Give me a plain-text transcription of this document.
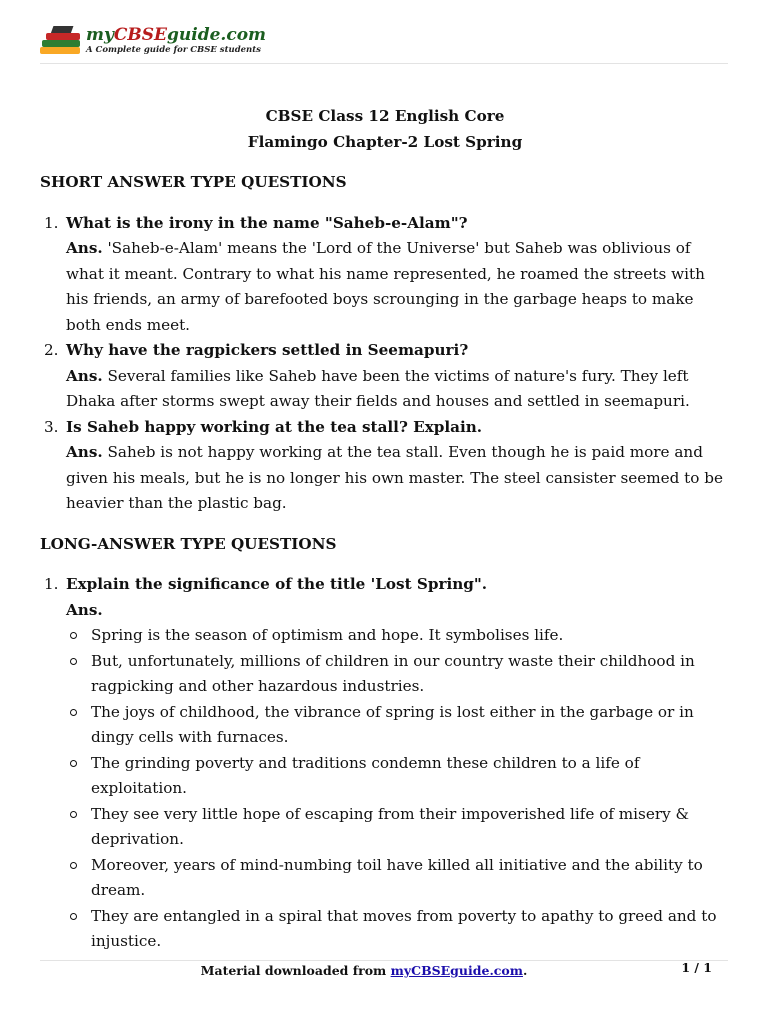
myCBSEguide.com
A Complete guide for CBSE students
CBSE Class 12 English Core
Flamingo Chapter-2 Lost Spring
SHORT ANSWER TYPE QUESTIONS
1. What is the irony in the name "Saheb-e-Alam"?
Ans. 'Saheb-e-Alam' means the 'Lord of the Universe' but Saheb was oblivious of what it meant. Contrary to what his name represented, he roamed the streets with his friends, an army of barefooted boys scrounging in the garbage heaps to make both ends meet.
2. Why have the ragpickers settled in Seemapuri?
Ans. Several families like Saheb have been the victims of nature's fury. They left Dhaka after storms swept away their fields and houses and settled in seemapuri.
3. Is Saheb happy working at the tea stall? Explain.
Ans. Saheb is not happy working at the tea stall. Even though he is paid more and given his meals, but he is no longer his own master. The steel cansister seemed to be heavier than the plastic bag.
LONG-ANSWER TYPE QUESTIONS
1. Explain the significance of the title 'Lost Spring".
Ans.
Spring is the season of optimism and hope. It symbolises life.
But, unfortunately, millions of children in our country waste their childhood in ragpicking and other hazardous industries.
The joys of childhood, the vibrance of spring is lost either in the garbage or in dingy cells with furnaces.
The grinding poverty and traditions condemn these children to a life of exploitation.
They see very little hope of escaping from their impoverished life of misery & deprivation.
Moreover, years of mind-numbing toil have killed all initiative and the ability to dream.
They are entangled in a spiral that moves from poverty to apathy to greed and to injustice.
Material downloaded from myCBSEguide.com.	1 / 1
